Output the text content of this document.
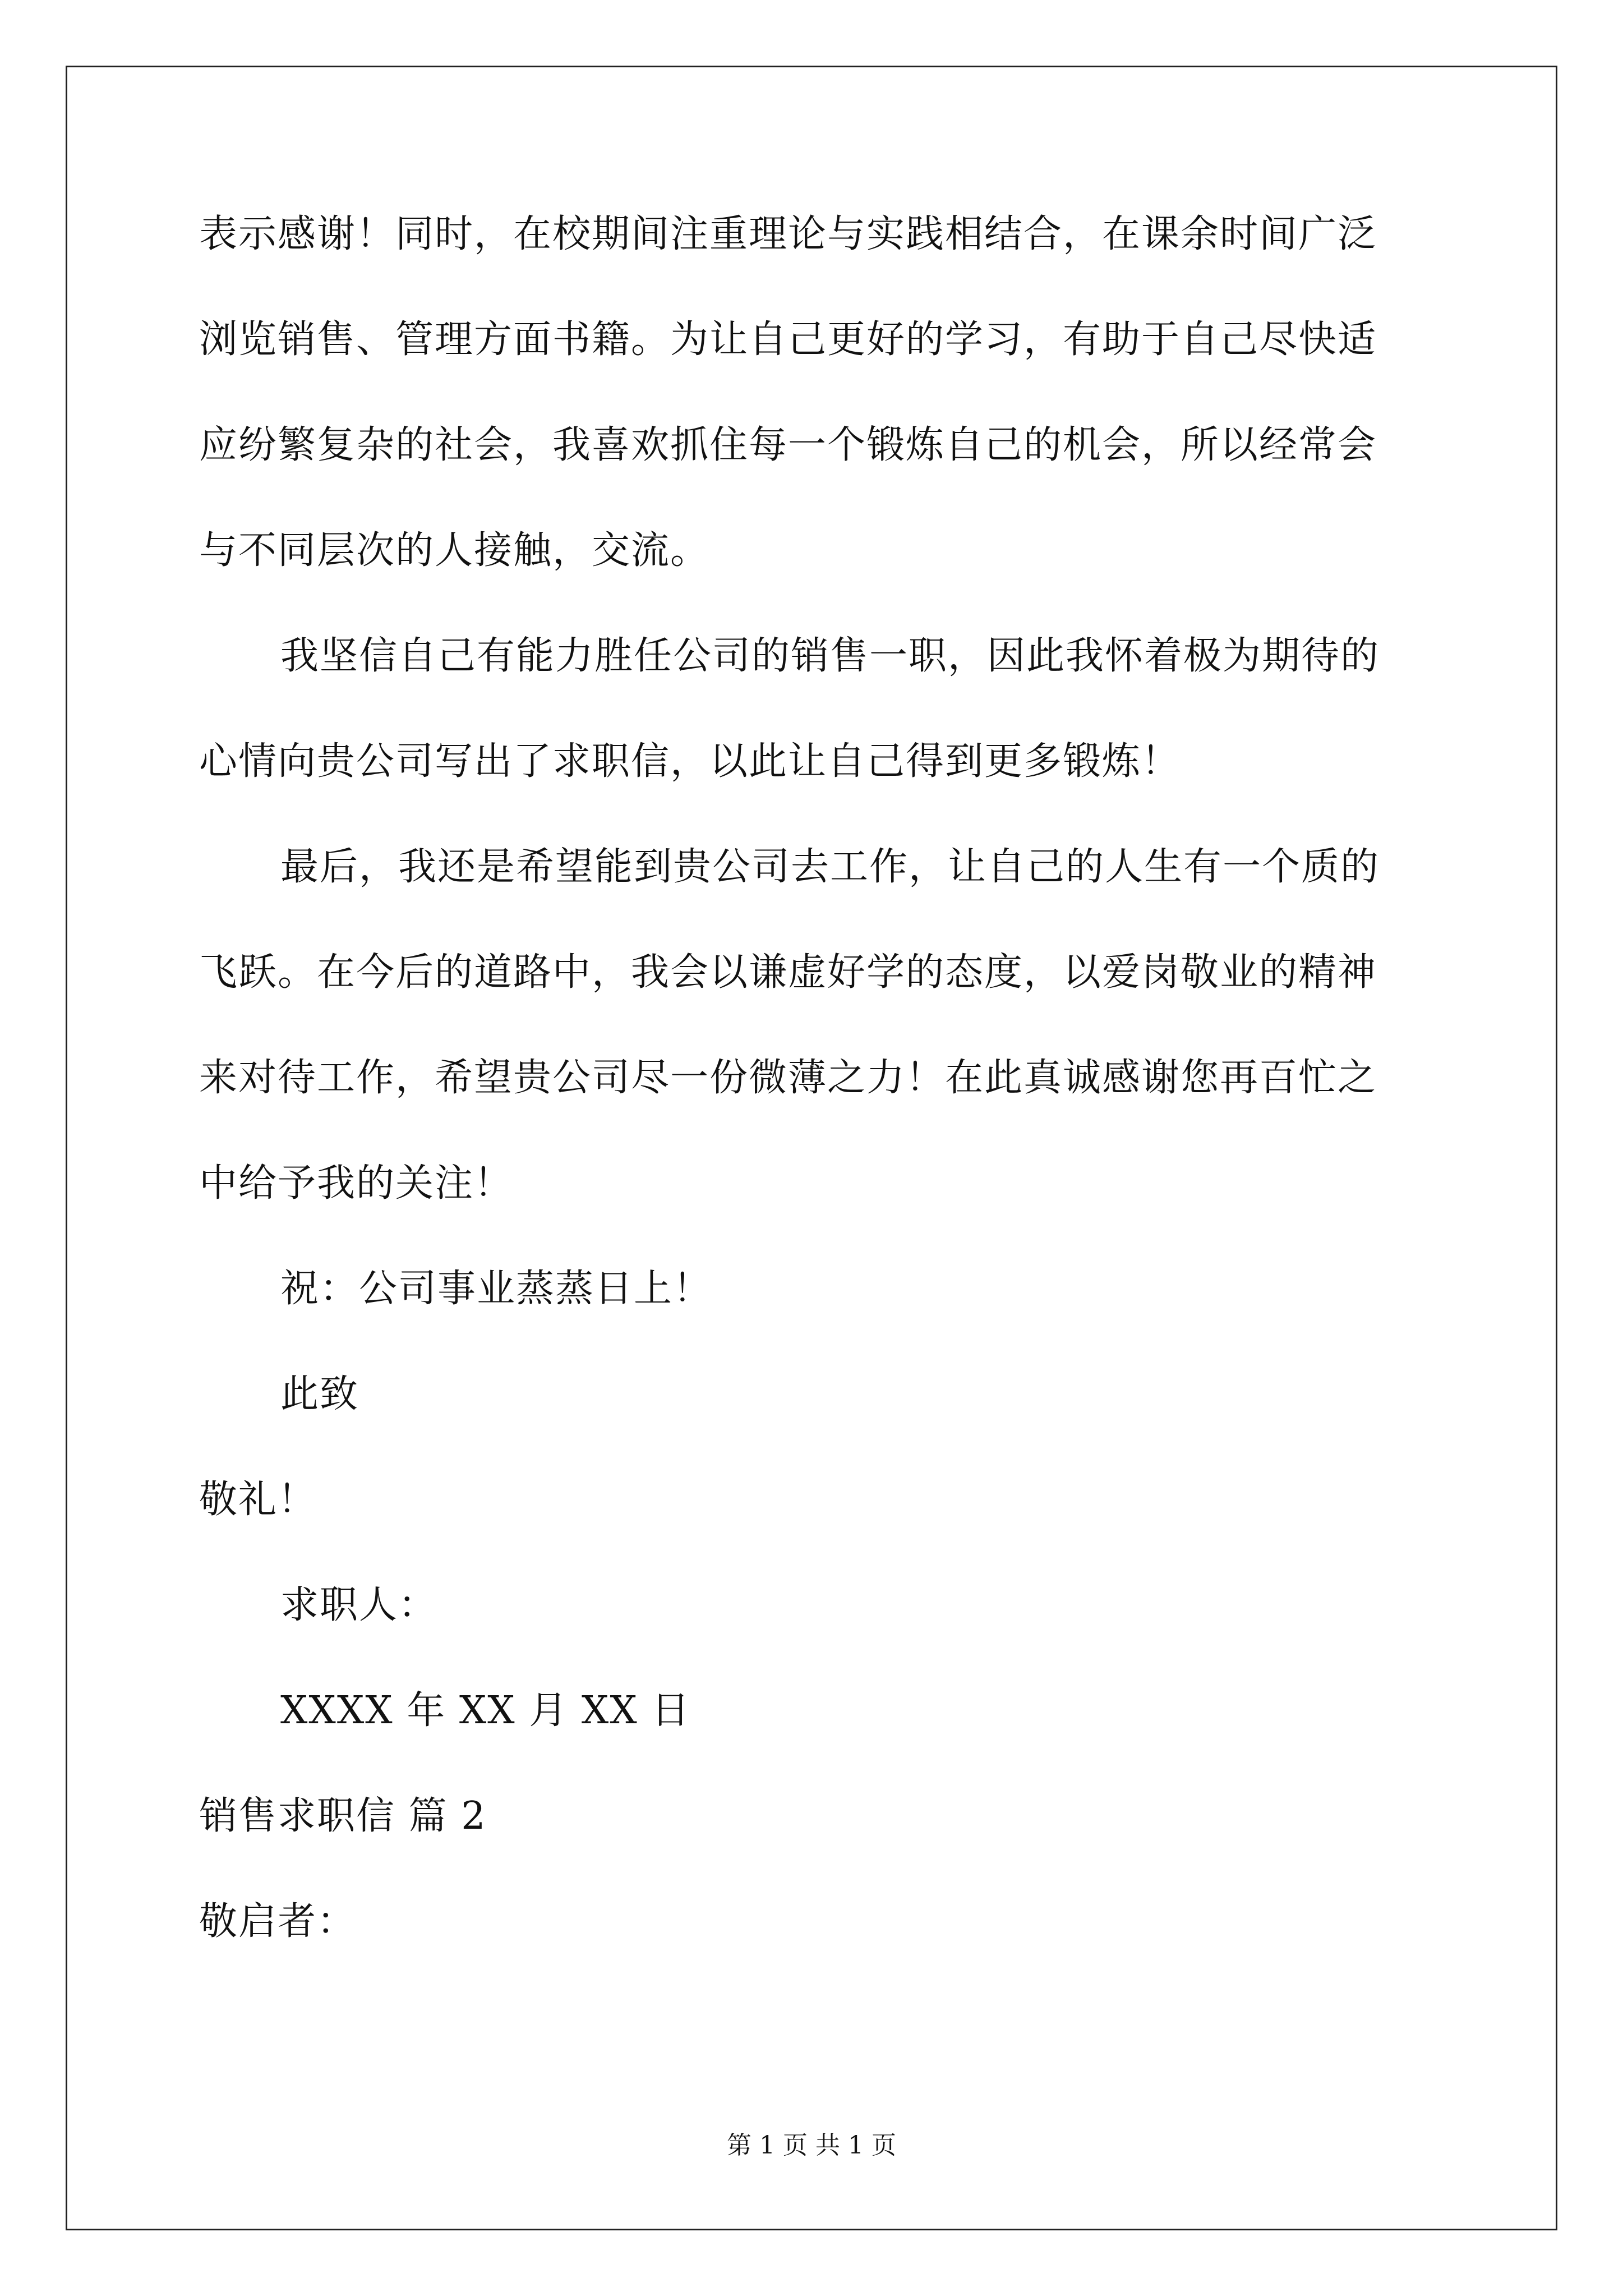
表示感谢！同时，在校期间注重理论与实践相结合，在课余时间广泛
浏览销售、管理方面书籍。为让自己更好的学习，有助于自己尽快适
应纷繁复杂的社会，我喜欢抓住每一个锻炼自己的机会，所以经常会
与不同层次的人接触，交流。
我坚信自己有能力胜任公司的销售一职，因此我怀着极为期待的
心情向贵公司写出了求职信，以此让自己得到更多锻炼！
最后，我还是希望能到贵公司去工作，让自己的人生有一个质的
飞跃。在今后的道路中，我会以谦虚好学的态度，以爱岗敬业的精神
来对待工作，希望贵公司尽一份微薄之力！在此真诚感谢您再百忙之
中给予我的关注！
祝：公司事业蒸蒸日上！
此致
敬礼！
求职人：
XXXX 年 XX 月 XX 日
销售求职信 篇 2
敬启者：
第 1 页 共 1 页
